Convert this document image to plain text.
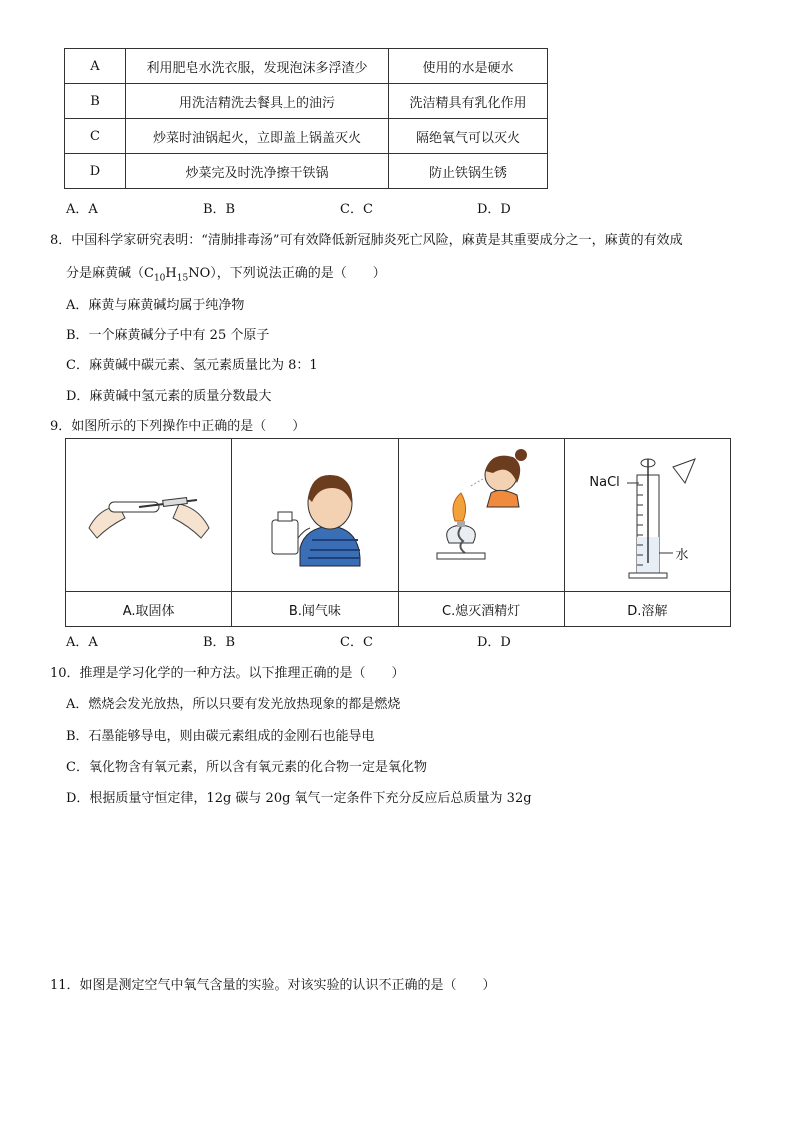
A	利用肥皂水洗衣服，发现泡沫多浮渣少	使用的水是硬水
B	用洗洁精洗去餐具上的油污	洗洁精具有乳化作用
C	炒菜时油锅起火，立即盖上锅盖灭火	隔绝氧气可以灭火
D	炒菜完及时洗净擦干铁锅	防止铁锅生锈
A．A	B．B	C．C	D．D
8．中国科学家研究表明：“清肺排毒汤”可有效降低新冠肺炎死亡风险，麻黄是其重要成分之一，麻黄的有效成
分是麻黄碱$(C_{10}H_{15}NO)$，下列说法正确的是（　　）
A．麻黄与麻黄碱均属于纯净物
B．一个麻黄碱分子中有 25 个原子
C．麻黄碱中碳元素、氢元素质量比为 8：1
D．麻黄碱中氢元素的质量分数最大
9．如图所示的下列操作中正确的是（　　）

NaCl
水

A.取固体	B.闻气味	C.熄灭酒精灯	D.溶解
A．A	B．B	C．C	D．D
10．推理是学习化学的一种方法。以下推理正确的是（　　）
A．燃烧会发光放热，所以只要有发光放热现象的都是燃烧
B．石墨能够导电，则由碳元素组成的金刚石也能导电
C．氧化物含有氧元素，所以含有氧元素的化合物一定是氧化物
D．根据质量守恒定律，12g 碳与 20g 氧气一定条件下充分反应后总质量为 32g
11．如图是测定空气中氧气含量的实验。对该实验的认识不正确的是（　　）
